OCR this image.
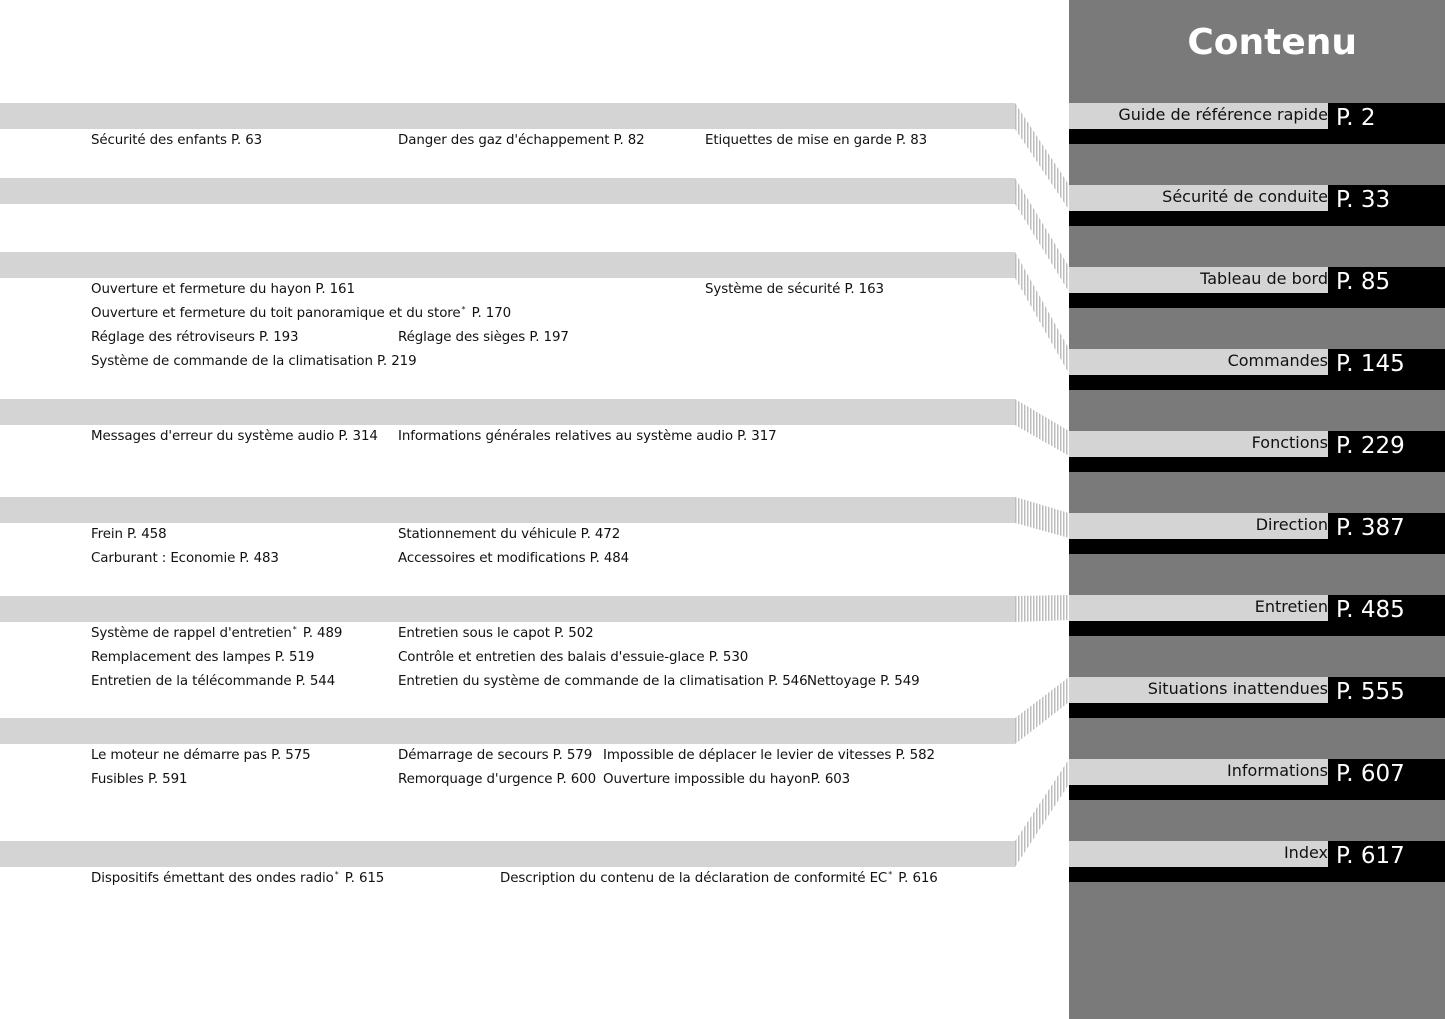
Sécurité des enfants P. 63	Danger des gaz d'échappement P. 82	Etiquettes de mise en garde P. 83
Ouverture et fermeture du hayon P. 161	Système de sécurité P. 163
Ouverture et fermeture du toit panoramique et du store* P. 170
Réglage des rétroviseurs P. 193	Réglage des sièges P. 197
Système de commande de la climatisation P. 219
Messages d'erreur du système audio P. 314 Informations générales relatives au système audio P. 317
Frein P. 458	Stationnement du véhicule P. 472
Carburant : Economie P. 483	Accessoires et modifications P. 484
Système de rappel d'entretien* P. 489	Entretien sous le capot P. 502
Remplacement des lampes P. 519	Contrôle et entretien des balais d'essuie-glace P. 530
Entretien de la télécommande P. 544	Entretien du système de commande de la climatisation P. 546 Nettoyage P. 549
Le moteur ne démarre pas P. 575	Démarrage de secours P. 579 Impossible de déplacer le levier de vitesses P. 582
Fusibles P. 591	Remorquage d'urgence P. 600 Ouverture impossible du hayonP. 603
Dispositifs émettant des ondes radio* P. 615	Description du contenu de la déclaration de conformité EC* P. 616
Contenu
Guide de référence rapide P. 2
Sécurité de conduite P. 33
Tableau de bord P. 85
Commandes P. 145
Fonctions P. 229
Direction P. 387
Entretien P. 485
Situations inattendues P. 555
Informations P. 607
Index P. 617
